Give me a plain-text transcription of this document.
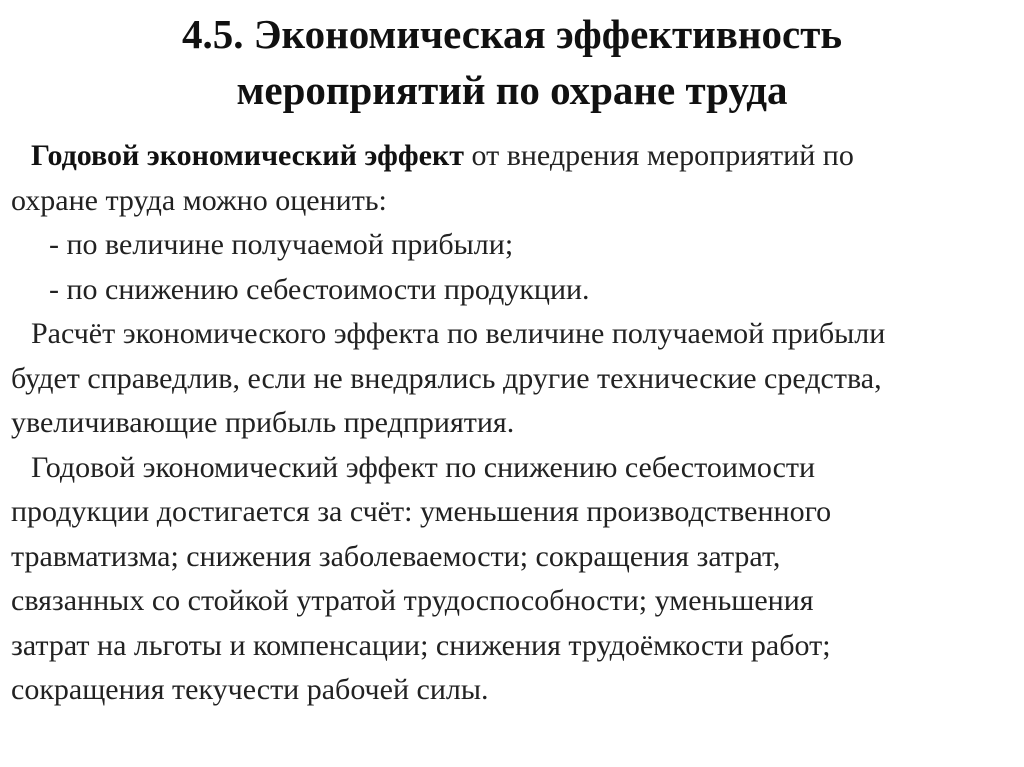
4.5. Экономическая эффективность
мероприятий по охране труда
Годовой экономический эффект от внедрения мероприятий по
охране труда можно оценить:
- по величине получаемой прибыли;
- по снижению себестоимости продукции.
Расчёт экономического эффекта по величине получаемой прибыли
будет справедлив, если не внедрялись другие технические средства,
увеличивающие прибыль предприятия.
Годовой экономический эффект по снижению себестоимости
продукции достигается за счёт: уменьшения производственного
травматизма; снижения заболеваемости; сокращения затрат,
связанных со стойкой утратой трудоспособности; уменьшения
затрат на льготы и компенсации; снижения трудоёмкости работ;
сокращения текучести рабочей силы.
